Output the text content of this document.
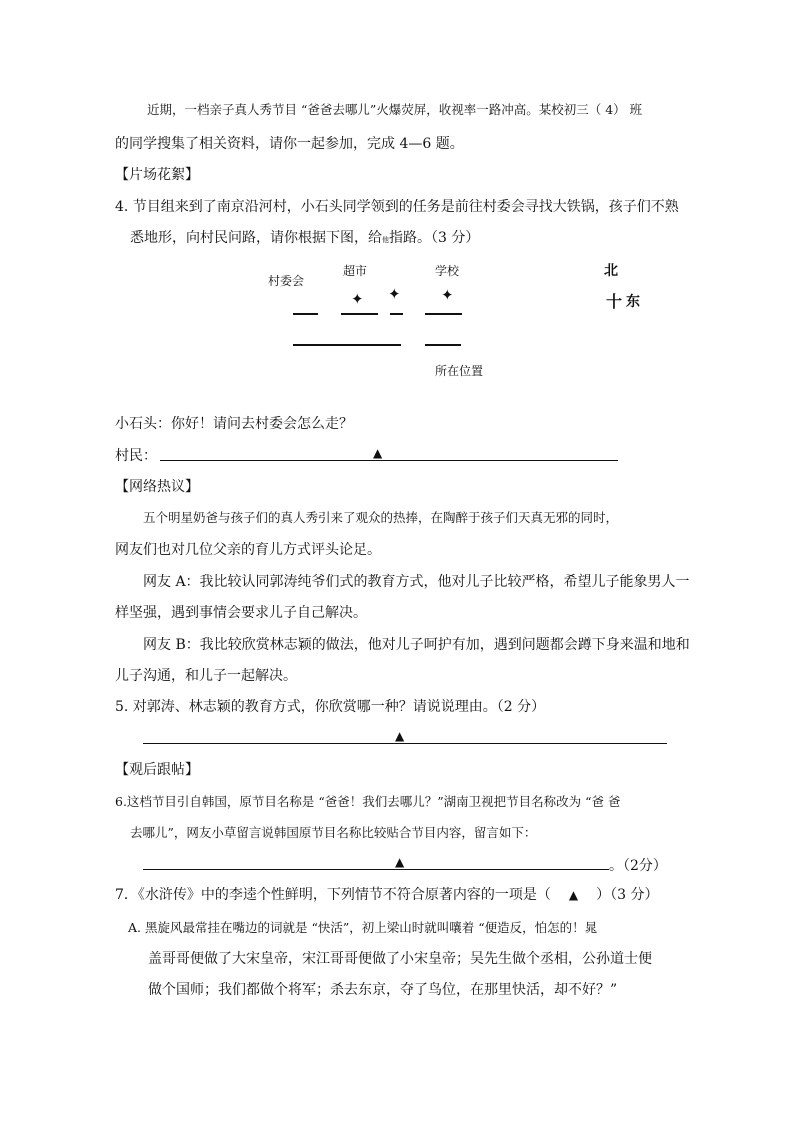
近期，一档亲子真人秀节目 “爸爸去哪儿”火爆荧屏，收视率一路冲高。某校初三（ 4） 班
的同学搜集了相关资料，请你一起参加，完成 4—6 题。
【片场花絮】
4. 节目组来到了南京沿河村，小石头同学领到的任务是前往村委会寻找大铁锅，孩子们不熟
悉地形，向村民问路，请你根据下图，给他指路。（3 分）
村委会
超市	学校
✦ ✦	✦
所在位置
北
十 东
小石头：你好！请问去村委会怎么走？
村民：	▲
【网络热议】
五个明星奶爸与孩子们的真人秀引来了观众的热捧，在陶醉于孩子们天真无邪的同时，
网友们也对几位父亲的育儿方式评头论足。
网友 A：我比较认同郭涛纯爷们式的教育方式，他对儿子比较严格，希望儿子能象男人一
样坚强，遇到事情会要求儿子自己解决。
网友 B：我比较欣赏林志颖的做法，他对儿子呵护有加，遇到问题都会蹲下身来温和地和
儿子沟通，和儿子一起解决。
5. 对郭涛、林志颖的教育方式，你欣赏哪一种？请说说理由。（2 分）
▲
【观后跟帖】
6.这档节目引自韩国，原节目名称是 “爸爸！我们去哪儿？”湖南卫视把节目名称改为 “爸 爸
去哪儿”，网友小草留言说韩国原节目名称比较贴合节目内容，留言如下：
▲	。（2分）
7．《水浒传》中的李逵个性鲜明，下列情节不符合原著内容的一项是（ ▲ ）（3 分）
A. 黑旋风最常挂在嘴边的词就是 “快活”，初上梁山时就叫嚷着 “便造反，怕怎的！晁
盖哥哥便做了大宋皇帝，宋江哥哥便做了小宋皇帝；吴先生做个丞相，公孙道士便
做个国师；我们都做个将军；杀去东京，夺了鸟位，在那里快活，却不好？”
